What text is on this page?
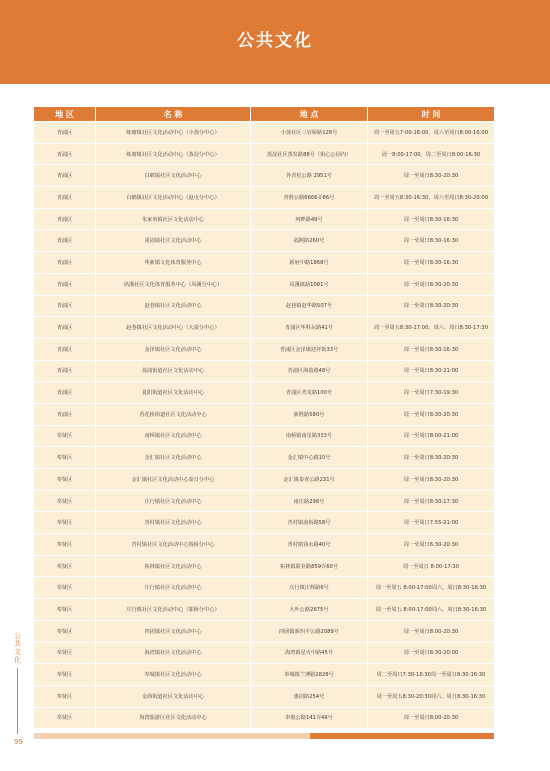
公共文化
地 区	名 称	地 点	时 间
青浦区	练塘镇社区文化活动中心（小蒸分中心）	小蒸社区三官桥路128号	周一至周五7:00-16:00，周六至周日8:00-16:00
青浦区	练塘镇社区文化活动中心（蒸淀分中心）	蒸淀社区蒸发路88号（街心公园内）	周一8:00-17:00，周二至周日8:00-16:30
青浦区	白鹤镇社区文化活动中心	外青松公路 2951号	周一至周日8:30-20:30
青浦区	白鹤镇社区文化活动中心（赵屯分中心）	青胜公路6666弄86号	周一至周五8:30-16:30，周六至周日8:30-20:00
青浦区	朱家角镇社区文化活动中心	珂畔路49号	周一至周日8:30-16:30
青浦区	重固镇社区文化活动中心	福熙路260号	周一至周日8:30-16:30
青浦区	华新镇文化体育服务中心	新府中路1868号	周一至周日8:30-16:30
青浦区	夙溪社区文化体育服务中心（凤溪分中心）	凤溪镇路1081号	周一至周日8:30-20:30
青浦区	赵巷镇社区文化活动中心	赵巷镇赵华路507号	周一至周日8:30-20:30
青浦区	赵巷镇社区文化活动中心（大盈分中心）	青浦区华科东路41号	周一至周五8:30-17:00，周六、周日8:30-17:30
青浦区	金泽镇社区文化活动中心	青浦区金泽镇迎祥街33号	周一至周日8:30-16:30
青浦区	盈浦街道社区文化活动中心	青浦区海盈路48号	周一至周日8:30-21:00
青浦区	夏阳街道社区文化活动中心	青浦区青龙路100号	周一至周日7:30-19:30
青浦区	香花桥街道社区文化活动中心	新胜路580号	周一至周日8:30-20:30
奉贤区	南桥镇社区文化活动中心	南桥镇南星路333号	周一至周日8:00-21:00
奉贤区	金汇镇社区文化活动中心	金汇镇中心路10号	周一至周日8:30-20:30
奉贤区	金汇镇社区文化活动中心泰日分中心	金汇镇泰青公路231号	周一至周日8:30-20:30
奉贤区	庄行镇社区文化活动中心	南庄路298号	周一至周日8:30-17:30
奉贤区	青村镇社区文化活动中心	青村镇南街路58号	周一至周日7:55-21:00
奉贤区	青村镇社区文化活动中心钱桥分中心	青村镇钱水路40号	周一至周日6:30-20:30
奉贤区	柘林镇社区文化活动中心	柘林镇联业路859弄60号	周一至周日 8:00-17:30
奉贤区	庄行镇社区文化活动中心	庄行镇庄辉路6号	周一至周五 8:00-17:00周六、周日8:30-16:30
奉贤区	庄行镇社区文化活动中心（邬桥分中心）	大叶公路2675号	周一至周五 8:00-17:00周六、周日8:30-16:30
奉贤区	四团镇社区文化活动中心	四团镇新四平公路2089号	周一至周日8:00-20:30
奉贤区	海湾镇社区文化活动中心	海湾镇星火中路45号	周一至周日8:30-20:00
奉贤区	奉城镇社区文化活动中心	奉城镇兰博路2828号	周二至周日7:30-16:30周一至周日8:30-16:30
奉贤区	金海街道社区文化活动中心	惠园路254号	周一至周五8:30-20:30周六、周日8:30-16:30
奉贤区	海湾旅游区社区文化活动中心	奉炮公路141弄49号	周一至周日8:00-20:30
公共文化
99
